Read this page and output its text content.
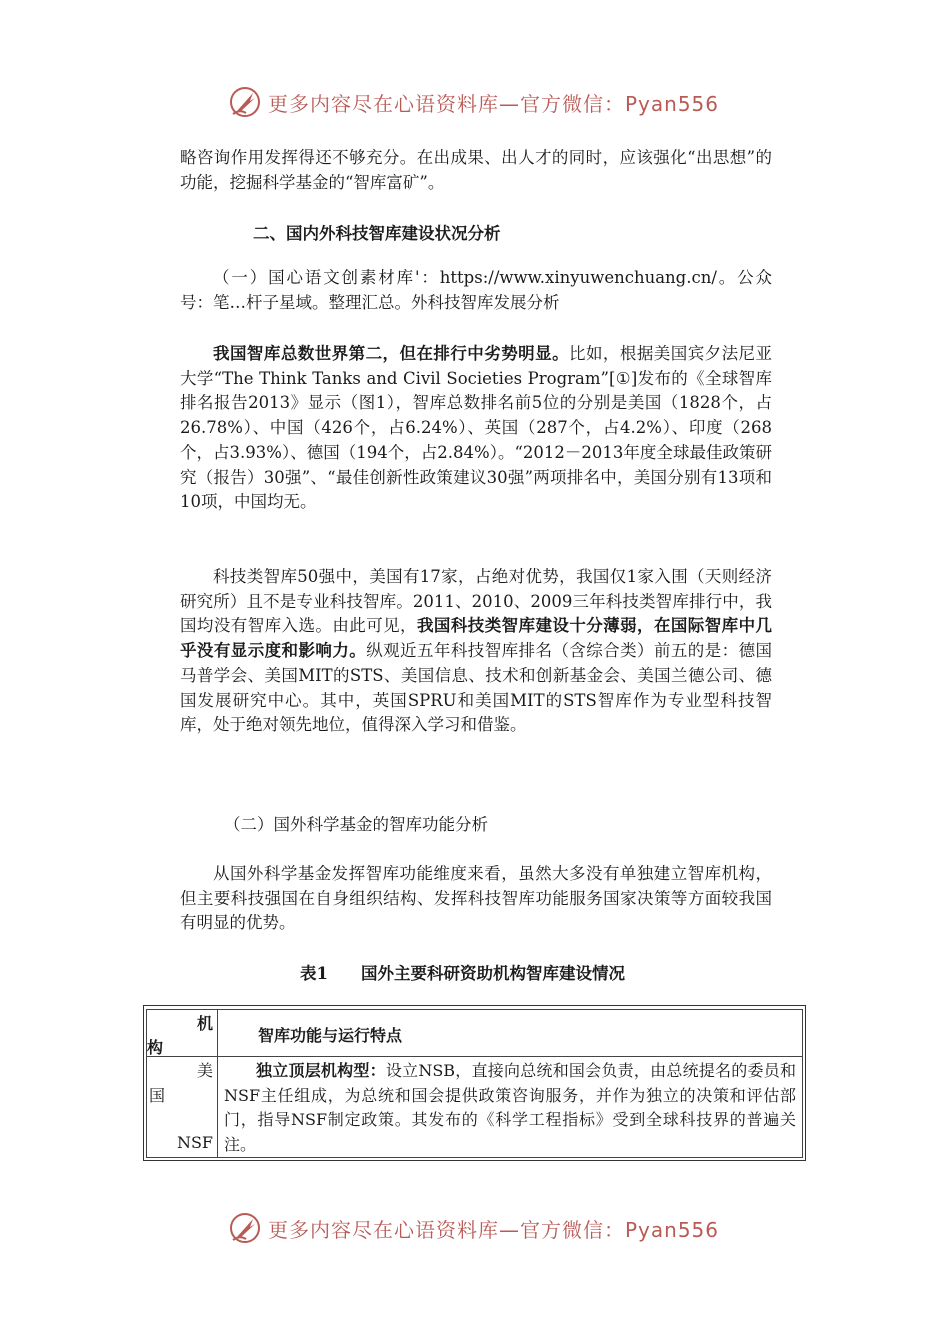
更多内容尽在心语资料库—官方微信：Pyan556

略咨询作用发挥得还不够充分。在出成果、出人才的同时，应该强化“出思想”的功能，挖掘科学基金的“智库富矿”。

二、国内外科技智库建设状况分析

（一）国心语文创素材库'：https://www.xinyuwenchuang.cn/。公众号：笔…杆子星域。整理汇总。外科技智库发展分析

我国智库总数世界第二，但在排行中劣势明显。比如，根据美国宾夕法尼亚大学“The Think Tanks and Civil Societies Program”[①]发布的《全球智库排名报告2013》显示（图1），智库总数排名前5位的分别是美国（1828个，占26.78%）、中国（426个，占6.24%）、英国（287个，占4.2%）、印度（268个，占3.93%）、德国（194个，占2.84%）。“2012－2013年度全球最佳政策研究（报告）30强”、“最佳创新性政策建议30强”两项排名中，美国分别有13项和10项，中国均无。

科技类智库50强中，美国有17家，占绝对优势，我国仅1家入围（天则经济研究所）且不是专业科技智库。2011、2010、2009三年科技类智库排行中，我国均没有智库入选。由此可见，我国科技类智库建设十分薄弱，在国际智库中几乎没有显示度和影响力。纵观近五年科技智库排名（含综合类）前五的是：德国马普学会、美国MIT的STS、美国信息、技术和创新基金会、美国兰德公司、德国发展研究中心。其中，英国SPRU和美国MIT的STS智库作为专业型科技智库，处于绝对领先地位，值得深入学习和借鉴。

（二）国外科学基金的智库功能分析

从国外科学基金发挥智库功能维度来看，虽然大多没有单独建立智库机构，但主要科技强国在自身组织结构、发挥科技智库功能服务国家决策等方面较我国有明显的优势。

表1　　国外主要科研资助机构智库建设情况

机
构	智库功能与运行特点

美
国
NSF	独立顶层机构型：设立NSB，直接向总统和国会负责，由总统提名的委员和NSF主任组成，为总统和国会提供政策咨询服务，并作为独立的决策和评估部门，指导NSF制定政策。其发布的《科学工程指标》受到全球科技界的普遍关注。
更多内容尽在心语资料库—官方微信：Pyan556
